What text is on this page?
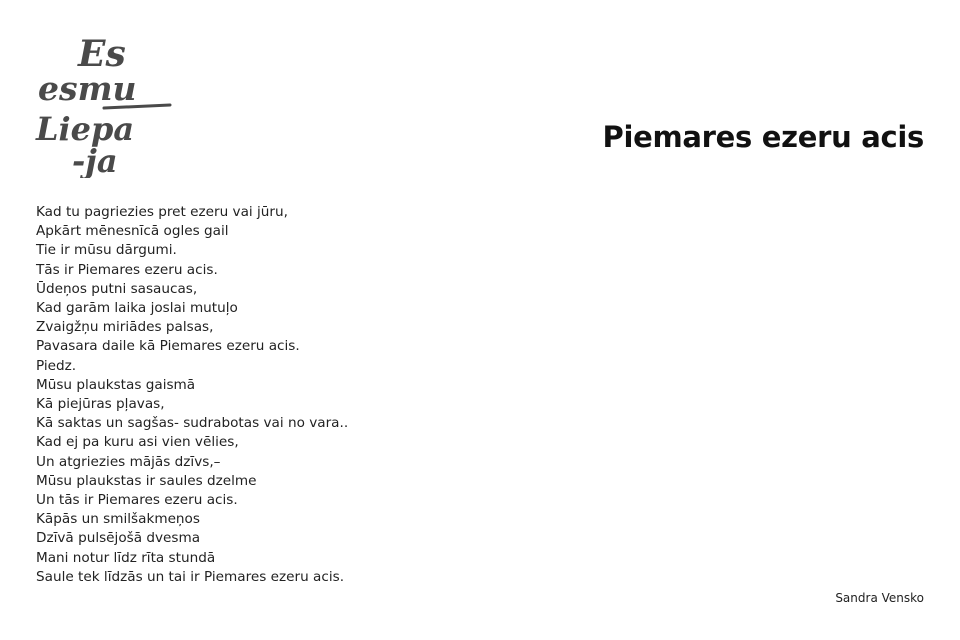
Es
esmu
Liepa
-ja
Piemares ezeru acis
Kad tu pagriezies pret ezeru vai jūru,
Apkārt mēnesnīcā ogles gail
Tie ir mūsu dārgumi.
Tās ir Piemares ezeru acis.
Ūdeņos putni sasaucas,
Kad garām laika joslai mutuļo
Zvaigžņu miriādes palsas,
Pavasara daile kā Piemares ezeru acis.
Piedz.
Mūsu plaukstas gaismā
Kā piejūras pļavas,
Kā saktas un sagšas- sudrabotas vai no vara..
Kad ej pa kuru asi vien vēlies,
Un atgriezies mājās dzīvs,–
Mūsu plaukstas ir saules dzelme
Un tās ir Piemares ezeru acis.
Kāpās un smilšakmeņos
Dzīvā pulsējošā dvesma
Mani notur līdz rīta stundā
Saule tek līdzās un tai ir Piemares ezeru acis.
Sandra Vensko
